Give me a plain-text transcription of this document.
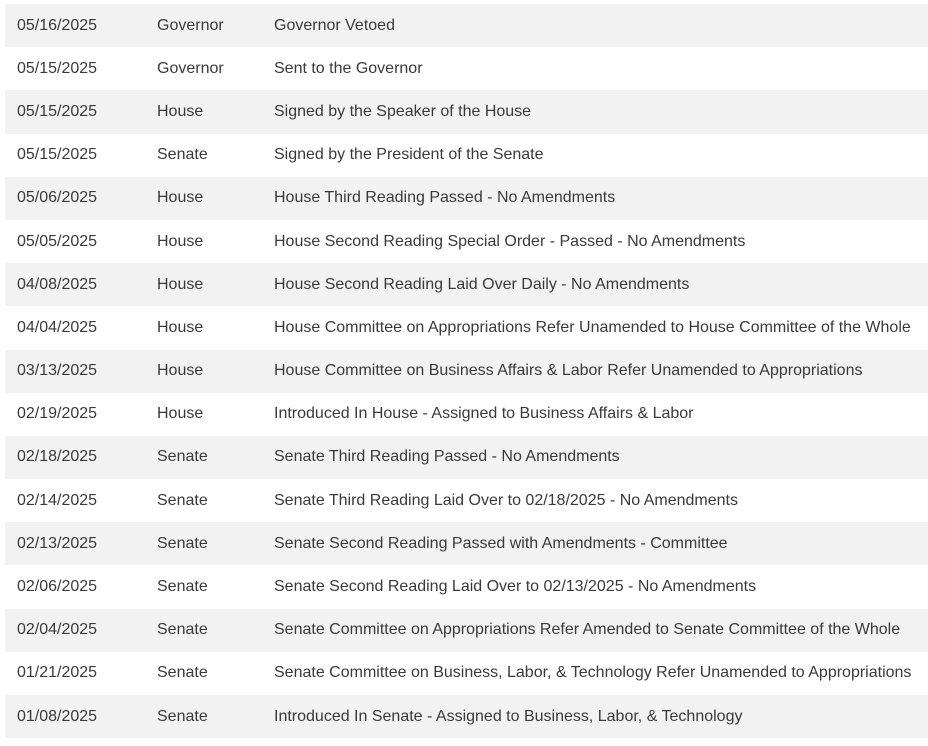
05/16/2025	Governor	Governor Vetoed
05/15/2025	Governor	Sent to the Governor
05/15/2025	House	Signed by the Speaker of the House
05/15/2025	Senate	Signed by the President of the Senate
05/06/2025	House	House Third Reading Passed - No Amendments
05/05/2025	House	House Second Reading Special Order - Passed - No Amendments
04/08/2025	House	House Second Reading Laid Over Daily - No Amendments
04/04/2025	House	House Committee on Appropriations Refer Unamended to House Committee of the Whole
03/13/2025	House	House Committee on Business Affairs & Labor Refer Unamended to Appropriations
02/19/2025	House	Introduced In House - Assigned to Business Affairs & Labor
02/18/2025	Senate	Senate Third Reading Passed - No Amendments
02/14/2025	Senate	Senate Third Reading Laid Over to 02/18/2025 - No Amendments
02/13/2025	Senate	Senate Second Reading Passed with Amendments - Committee
02/06/2025	Senate	Senate Second Reading Laid Over to 02/13/2025 - No Amendments
02/04/2025	Senate	Senate Committee on Appropriations Refer Amended to Senate Committee of the Whole
01/21/2025	Senate	Senate Committee on Business, Labor, & Technology Refer Unamended to Appropriations
01/08/2025	Senate	Introduced In Senate - Assigned to Business, Labor, & Technology
